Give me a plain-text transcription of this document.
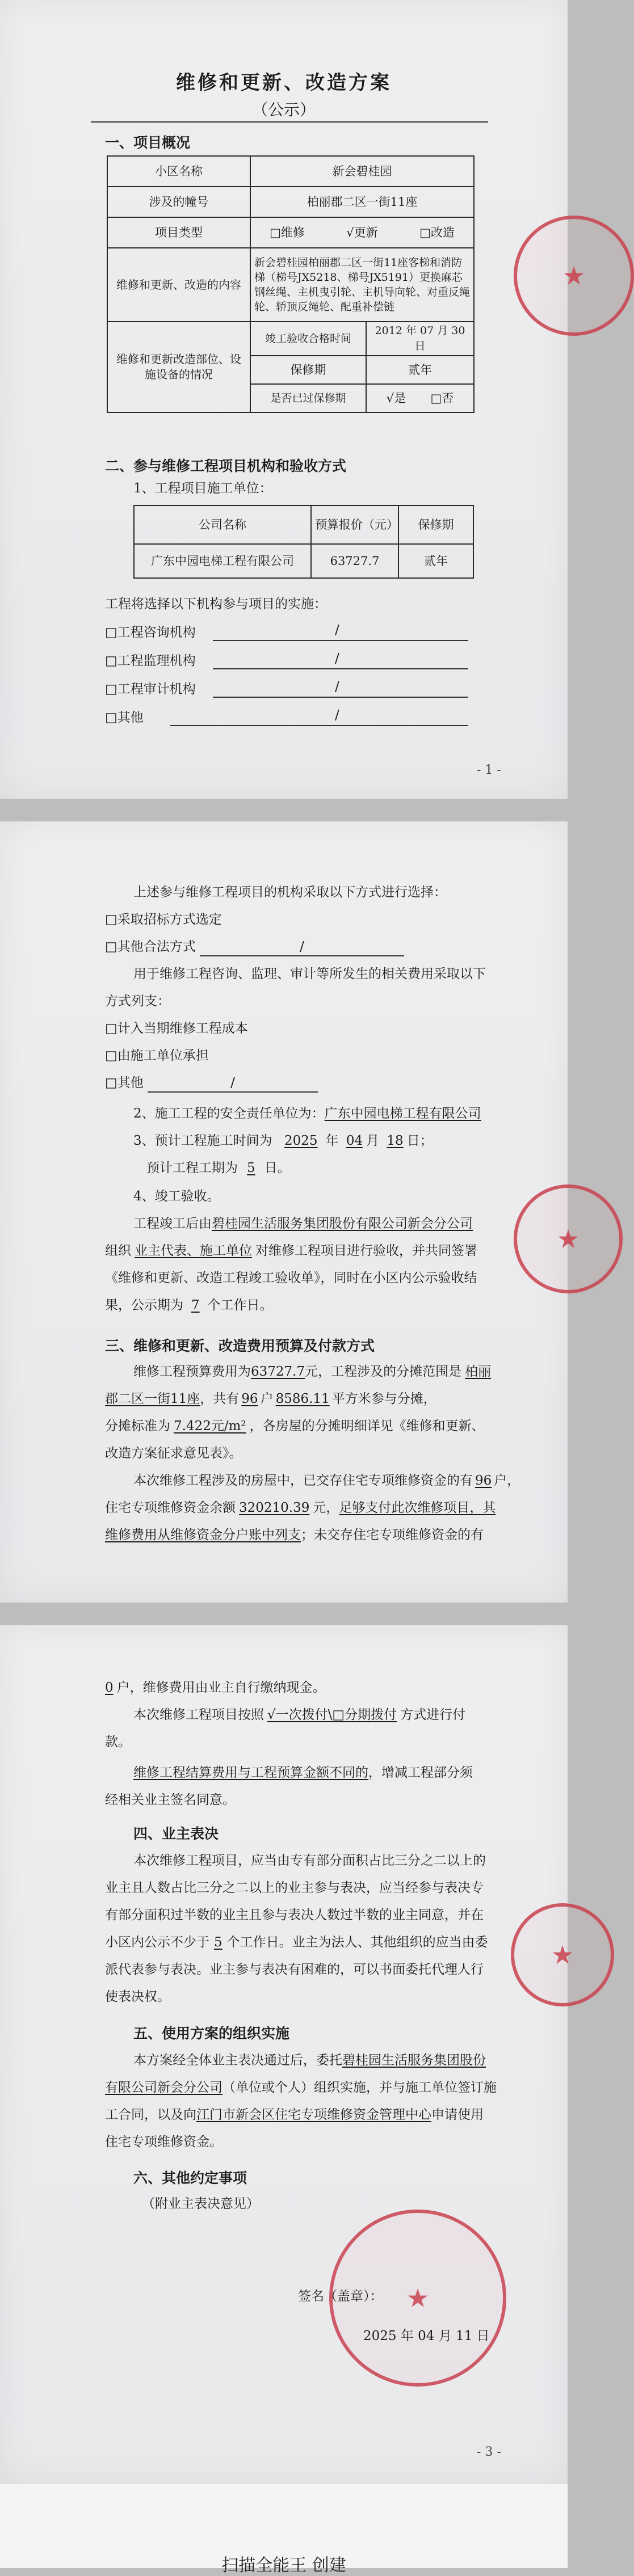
维修和更新、改造方案
（公示）
一、项目概况
小区名称	新会碧桂园	
涉及的幢号	柏丽郡二区一街11座	
项目类型	□维修 √更新 □改造	
维修和更新、改造的内容	新会碧桂园柏丽郡二区一街11座客梯和消防梯（梯号JX5218、梯号JX5191）更换麻芯钢丝绳、主机曳引轮、主机导向轮、对重反绳轮、轿顶反绳轮、配重补偿链	
维修和更新改造部位、设施设备的情况	竣工验收合格时间	2012 年 07 月 30 日
	保修期	贰年
	是否已过保修期	√是 □否
★
二、参与维修工程项目机构和验收方式
1、工程项目施工单位：
公司名称	预算报价（元）	保修期
广东中园电梯工程有限公司	63727.7	贰年
工程将选择以下机构参与项目的实施：
□工程咨询机构	/
□工程监理机构	/
□工程审计机构	/
□其他	/
- 1 -
上述参与维修工程项目的机构采取以下方式进行选择：
□采取招标方式选定
□其他合法方式	/
用于维修工程咨询、监理、审计等所发生的相关费用采取以下
方式列支：
□计入当期维修工程成本
□由施工单位承担
□其他	/
2、施工工程的安全责任单位为：广东中园电梯工程有限公司
3、预计工程施工时间为 2025 年 04 月 18 日；
预计工程工期为 5 日。
4、竣工验收。
工程竣工后由碧桂园生活服务集团股份有限公司新会分公司
组织 业主代表、施工单位 对维修工程项目进行验收，并共同签署
《维修和更新、改造工程竣工验收单》，同时在小区内公示验收结
果，公示期为 7 个工作日。
★
三、维修和更新、改造费用预算及付款方式
维修工程预算费用为63727.7元，工程涉及的分摊范围是 柏丽
郡二区一街11座，共有 96 户 8586.11 平方米参与分摊，
分摊标准为 7.422元/m² ，各房屋的分摊明细详见《维修和更新、
改造方案征求意见表》。
本次维修工程涉及的房屋中，已交存住宅专项维修资金的有 96 户，
住宅专项维修资金余额 320210.39 元，足够支付此次维修项目，其
维修费用从维修资金分户账中列支；未交存住宅专项维修资金的有
0 户，维修费用由业主自行缴纳现金。
本次维修工程项目按照 √一次拨付\□分期拨付 方式进行付
款。
维修工程结算费用与工程预算金额不同的，增减工程部分须
经相关业主签名同意。
四、业主表决
本次维修工程项目，应当由专有部分面积占比三分之二以上的
业主且人数占比三分之二以上的业主参与表决，应当经参与表决专
有部分面积过半数的业主且参与表决人数过半数的业主同意，并在
小区内公示不少于 5 个工作日。业主为法人、其他组织的应当由委
派代表参与表决。业主参与表决有困难的，可以书面委托代理人行
使表决权。
五、使用方案的组织实施
本方案经全体业主表决通过后，委托碧桂园生活服务集团股份
有限公司新会分公司（单位或个人）组织实施，并与施工单位签订施
工合同，以及向江门市新会区住宅专项维修资金管理中心申请使用
住宅专项维修资金。
六、其他约定事项
（附业主表决意见）
★
★
签名（盖章）：
2025 年 04 月 11 日
- 3 -
扫描全能王 创建
